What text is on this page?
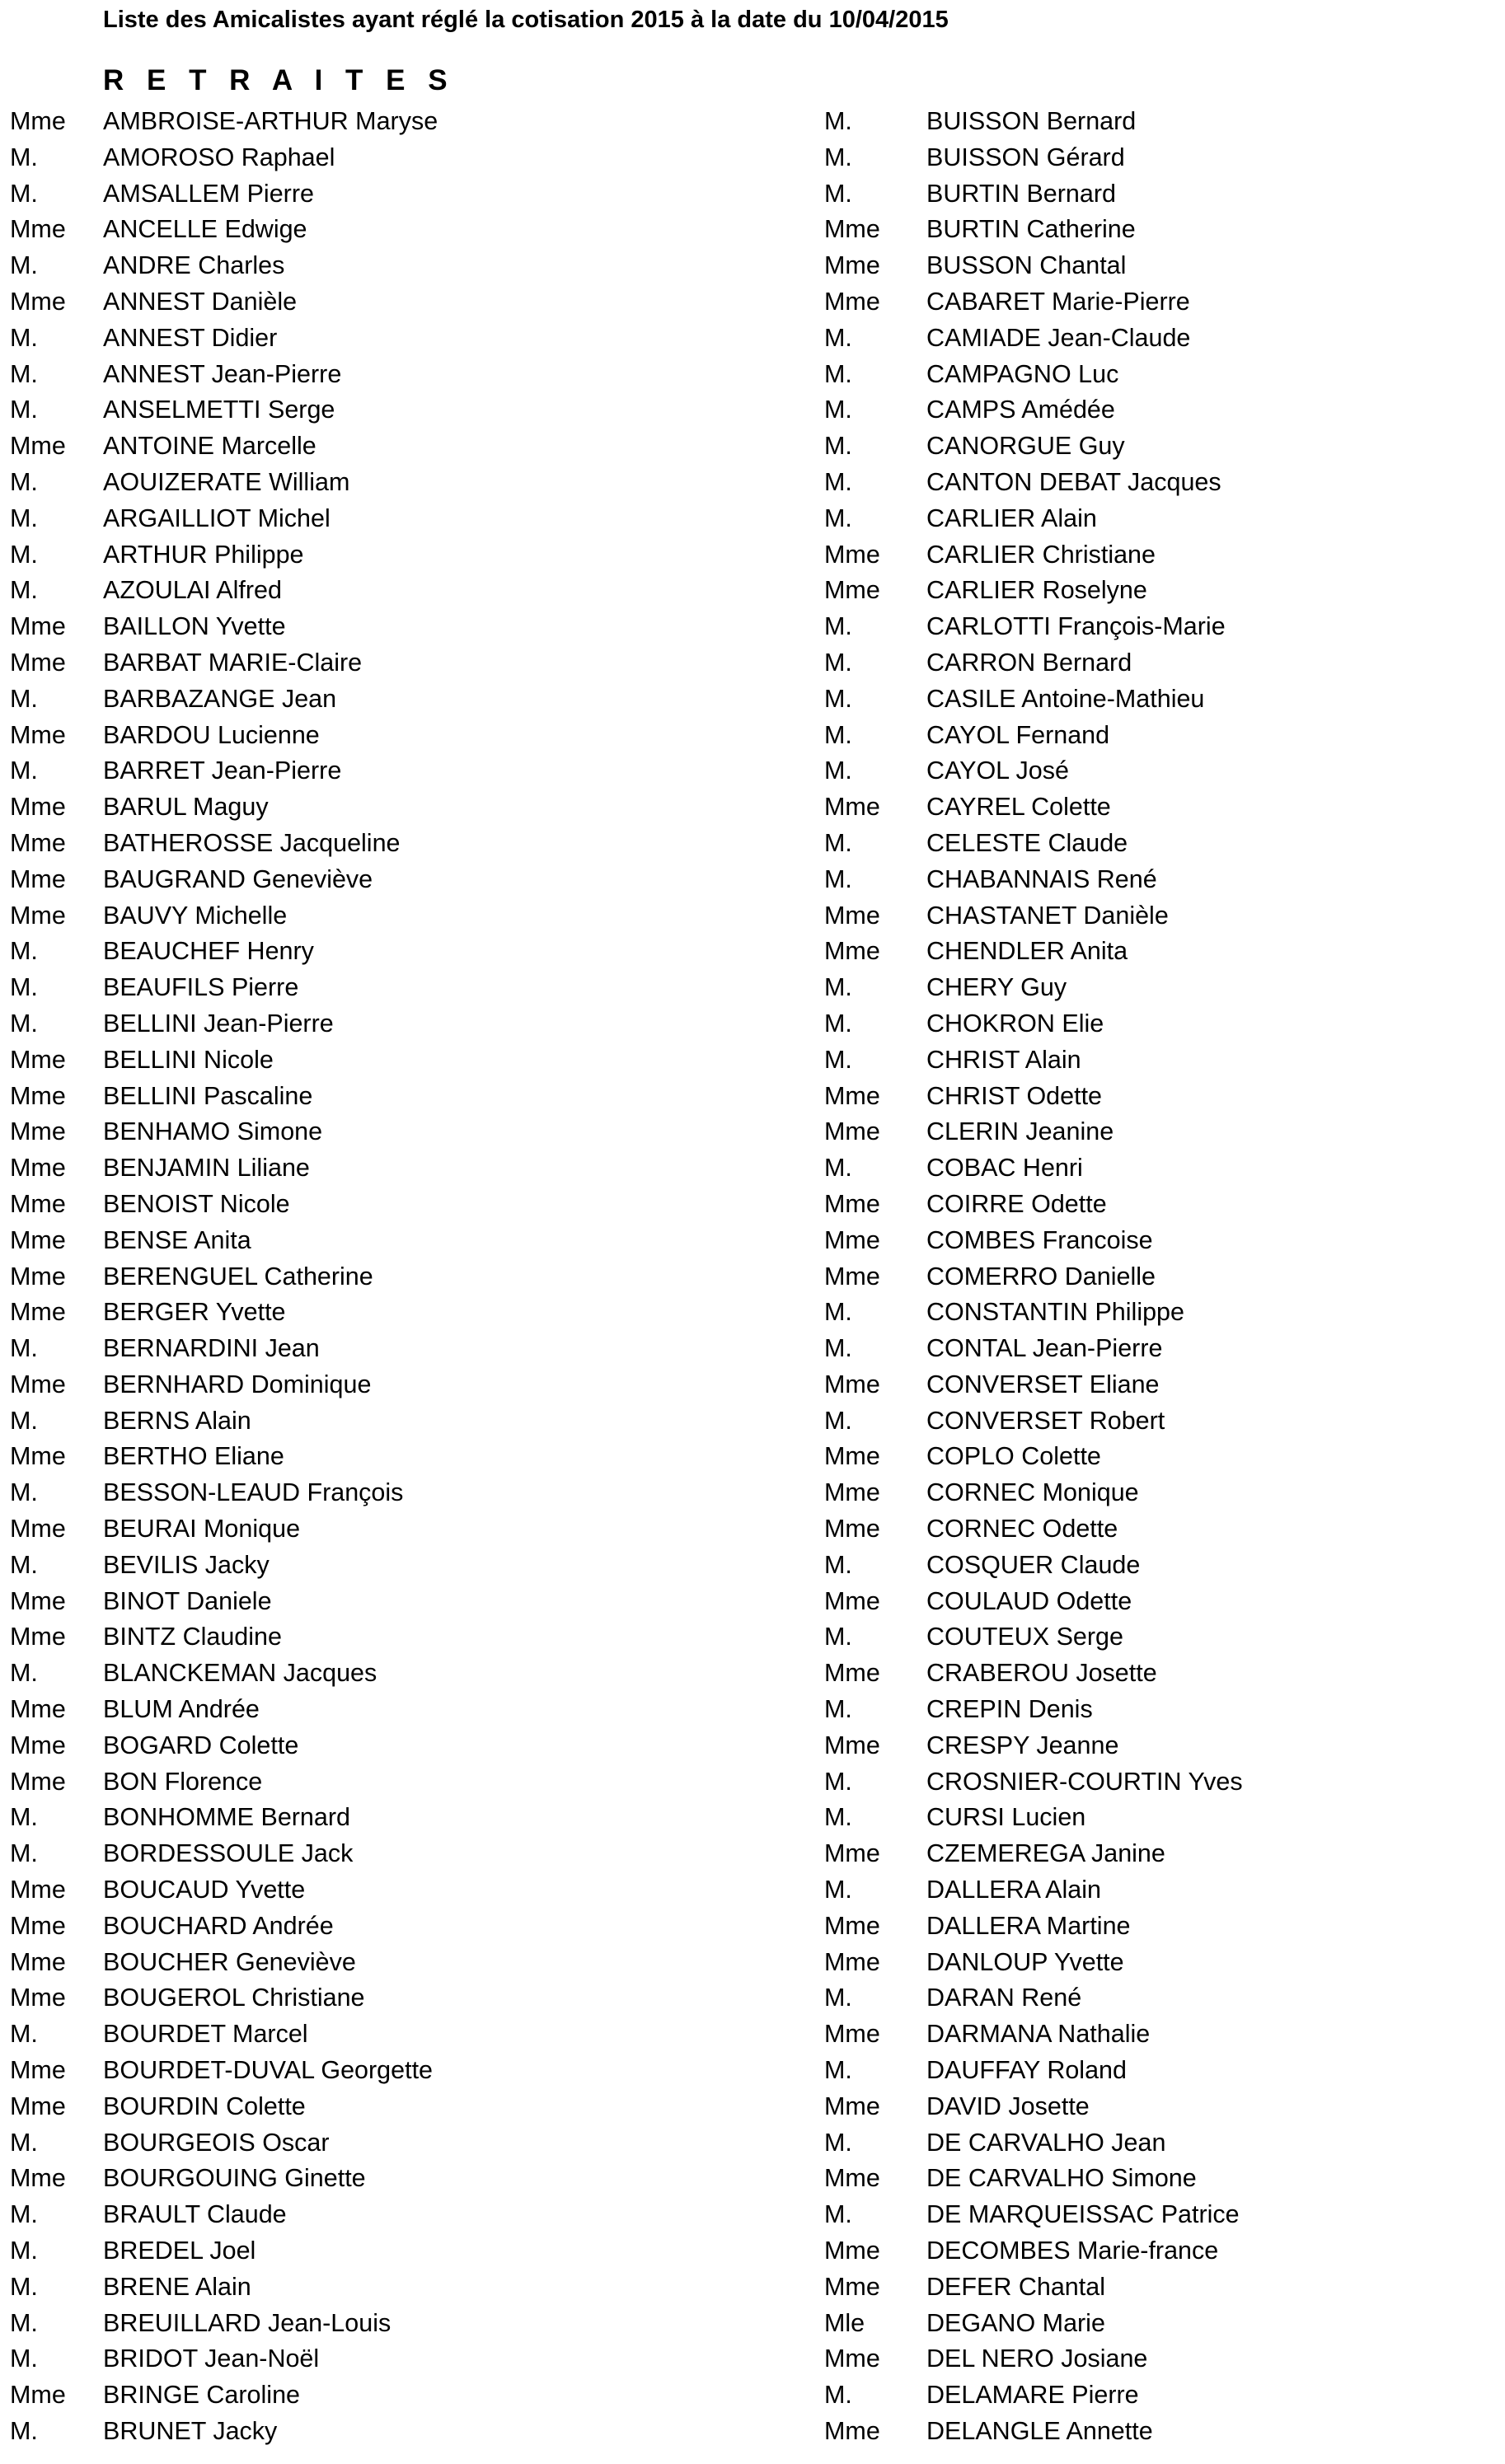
Liste des Amicalistes ayant réglé la cotisation 2015 à la date du 10/04/2015
R E T R A I T E S
Mme AMBROISE-ARTHUR Maryse
M.	AMOROSO Raphael
M.	AMSALLEM Pierre
Mme ANCELLE Edwige
M.	ANDRE Charles
Mme ANNEST Danièle
M.	ANNEST Didier
M.	ANNEST Jean-Pierre
M.	ANSELMETTI Serge
Mme ANTOINE Marcelle
M.	AOUIZERATE William
M.	ARGAILLIOT Michel
M.	ARTHUR Philippe
M.	AZOULAI Alfred
Mme BAILLON Yvette
Mme BARBAT MARIE-Claire
M.	BARBAZANGE Jean
Mme BARDOU Lucienne
M.	BARRET Jean-Pierre
Mme BARUL Maguy
Mme BATHEROSSE Jacqueline
Mme BAUGRAND Geneviève
Mme BAUVY Michelle
M.	BEAUCHEF Henry
M.	BEAUFILS Pierre
M.	BELLINI Jean-Pierre
Mme BELLINI Nicole
Mme BELLINI Pascaline
Mme BENHAMO Simone
Mme BENJAMIN Liliane
Mme BENOIST Nicole
Mme BENSE Anita
Mme BERENGUEL Catherine
Mme BERGER Yvette
M.	BERNARDINI Jean
Mme BERNHARD Dominique
M.	BERNS Alain
Mme BERTHO Eliane
M.	BESSON-LEAUD François
Mme BEURAI Monique
M.	BEVILIS Jacky
Mme BINOT Daniele
Mme BINTZ Claudine
M.	BLANCKEMAN Jacques
Mme BLUM Andrée
Mme BOGARD Colette
Mme BON Florence
M.	BONHOMME Bernard
M.	BORDESSOULE Jack
Mme BOUCAUD Yvette
Mme BOUCHARD Andrée
Mme BOUCHER Geneviève
Mme BOUGEROL Christiane
M.	BOURDET Marcel
Mme BOURDET-DUVAL Georgette
Mme BOURDIN Colette
M.	BOURGEOIS Oscar
Mme BOURGOUING Ginette
M.	BRAULT Claude
M.	BREDEL Joel
M.	BRENE Alain
M.	BREUILLARD Jean-Louis
M.	BRIDOT Jean-Noël
Mme BRINGE Caroline
M.	BRUNET Jacky
M.	BUISSON Bernard
M.	BUISSON Gérard
M.	BURTIN Bernard
Mme BURTIN Catherine
Mme BUSSON Chantal
Mme CABARET Marie-Pierre
M.	CAMIADE Jean-Claude
M.	CAMPAGNO Luc
M.	CAMPS Amédée
M.	CANORGUE Guy
M.	CANTON DEBAT Jacques
M.	CARLIER Alain
Mme CARLIER Christiane
Mme CARLIER Roselyne
M.	CARLOTTI François-Marie
M.	CARRON Bernard
M.	CASILE Antoine-Mathieu
M.	CAYOL Fernand
M.	CAYOL José
Mme CAYREL Colette
M.	CELESTE Claude
M.	CHABANNAIS René
Mme CHASTANET Danièle
Mme CHENDLER Anita
M.	CHERY Guy
M.	CHOKRON Elie
M.	CHRIST Alain
Mme CHRIST Odette
Mme CLERIN Jeanine
M.	COBAC Henri
Mme COIRRE Odette
Mme COMBES Francoise
Mme COMERRO Danielle
M.	CONSTANTIN Philippe
M.	CONTAL Jean-Pierre
Mme CONVERSET Eliane
M.	CONVERSET Robert
Mme COPLO Colette
Mme CORNEC Monique
Mme CORNEC Odette
M.	COSQUER Claude
Mme COULAUD Odette
M.	COUTEUX Serge
Mme CRABEROU Josette
M.	CREPIN Denis
Mme CRESPY Jeanne
M.	CROSNIER-COURTIN Yves
M.	CURSI Lucien
Mme CZEMEREGA Janine
M.	DALLERA Alain
Mme DALLERA Martine
Mme DANLOUP Yvette
M.	DARAN René
Mme DARMANA Nathalie
M.	DAUFFAY Roland
Mme DAVID Josette
M.	DE CARVALHO Jean
Mme DE CARVALHO Simone
M.	DE MARQUEISSAC Patrice
Mme DECOMBES Marie-france
Mme DEFER Chantal
Mle DEGANO Marie
Mme DEL NERO Josiane
M.	DELAMARE Pierre
Mme DELANGLE Annette
